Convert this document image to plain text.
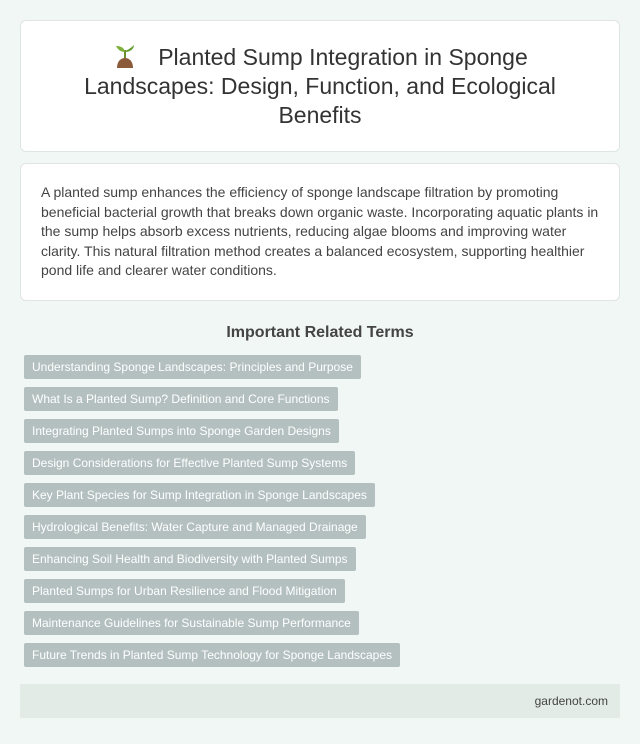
Planted Sump Integration in Sponge Landscapes: Design, Function, and Ecological Benefits

A planted sump enhances the efficiency of sponge landscape filtration by promoting beneficial bacterial growth that breaks down organic waste. Incorporating aquatic plants in the sump helps absorb excess nutrients, reducing algae blooms and improving water clarity. This natural filtration method creates a balanced ecosystem, supporting healthier pond life and clearer water conditions.

Important Related Terms
Understanding Sponge Landscapes: Principles and Purpose
What Is a Planted Sump? Definition and Core Functions
Integrating Planted Sumps into Sponge Garden Designs
Design Considerations for Effective Planted Sump Systems
Key Plant Species for Sump Integration in Sponge Landscapes
Hydrological Benefits: Water Capture and Managed Drainage
Enhancing Soil Health and Biodiversity with Planted Sumps
Planted Sumps for Urban Resilience and Flood Mitigation
Maintenance Guidelines for Sustainable Sump Performance
Future Trends in Planted Sump Technology for Sponge Landscapes
gardenot.com
